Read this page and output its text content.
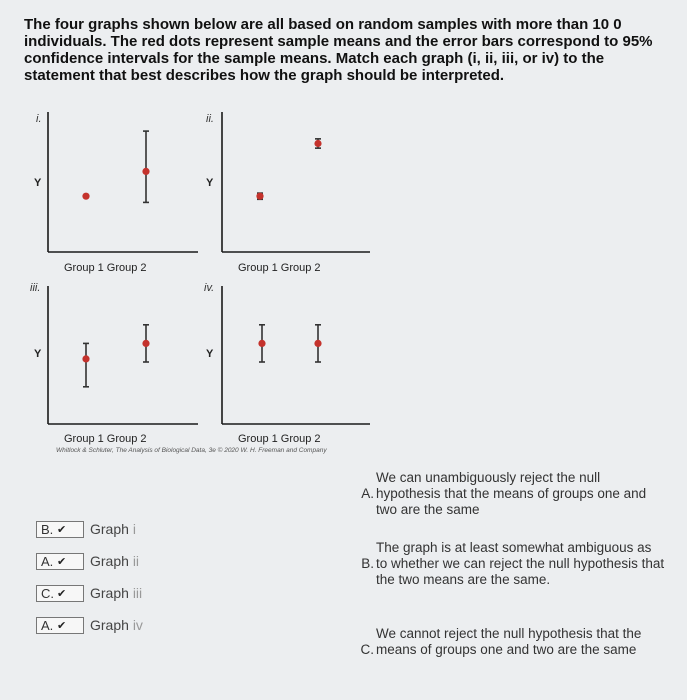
The four graphs shown below are all based on random samples with more than 10 0 individuals. The red dots represent sample means and the error bars correspond to 95% confidence intervals for the sample means. Match each graph (i, ii, iii, or iv) to the statement that best describes how the graph should be interpreted.
i.
Y
Group 1 Group 2
ii.
Y
Group 1 Group 2
iii.
Y
Group 1 Group 2
iv.
Y
Group 1 Group 2
Whitlock & Schluter, The Analysis of Biological Data, 3e © 2020 W. H. Freeman and Company
B. ✔ Graph i
A. ✔ Graph ii
C. ✔ Graph iii
A. ✔ Graph iv
A.
We can unambiguously reject the null hypothesis that the means of groups one and two are the same
B.
The graph is at least somewhat ambiguous as to whether we can reject the null hypothesis that the two means are the same.
C.
We cannot reject the null hypothesis that the means of groups one and two are the same
